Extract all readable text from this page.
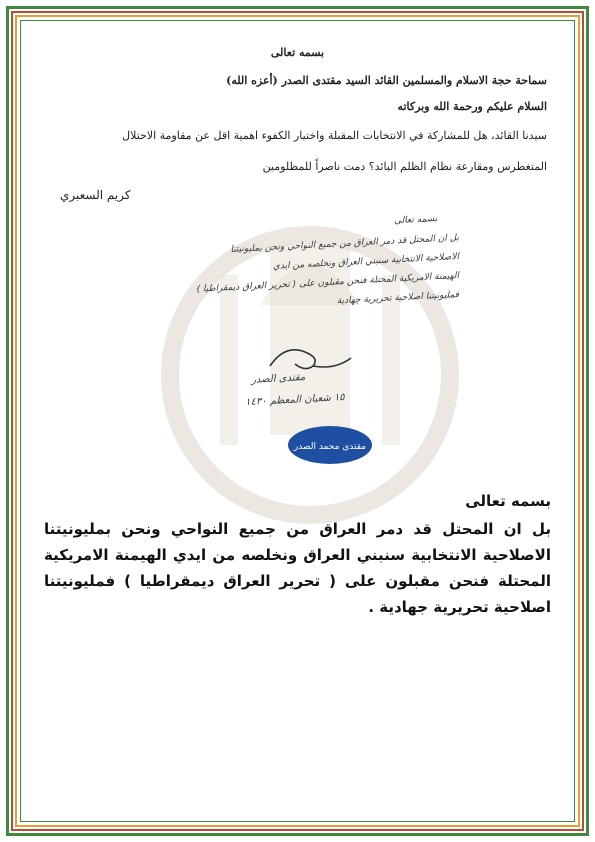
بسمه تعالى
سماحة حجة الاسلام والمسلمين القائد السيد مقتدى الصدر (أعزه الله)
السلام عليكم ورحمة الله وبركاته
سيدنا القائد، هل للمشاركة في الانتخابات المقبلة واختيار الكفوء اهمية اقل عن مقاومة الاحتلال
المتغطرس ومقارعة نظام الظلم البائد؟ دمت ناصراً للمظلومين
كريم السعبري
بسمه تعالى
بل ان المحتل قد دمر العراق من جميع النواحي ونحن بمليونيتنا
الاصلاحية الانتخابية سنبني العراق ونخلصه من ايدي
الهيمنة الامريكية المحتلة فنحن مقبلون على ( تحرير العراق ديمقراطيا )
فمليونيتنا اصلاحية تحريرية جهادية
مقتدى الصدر
١٥ شعبان المعظم ١٤٣٠
مقتدى محمد الصدر
بسمه تعالى
بل ان المحتل قد دمر العراق من جميع النواحي ونحن بمليونيتنا الاصلاحية الانتخابية سنبني العراق ونخلصه من ايدي الهيمنة الامريكية المحتلة فنحن مقبلون على ( تحرير العراق ديمقراطيا ) فمليونيتنا اصلاحية تحريرية جهادية .
